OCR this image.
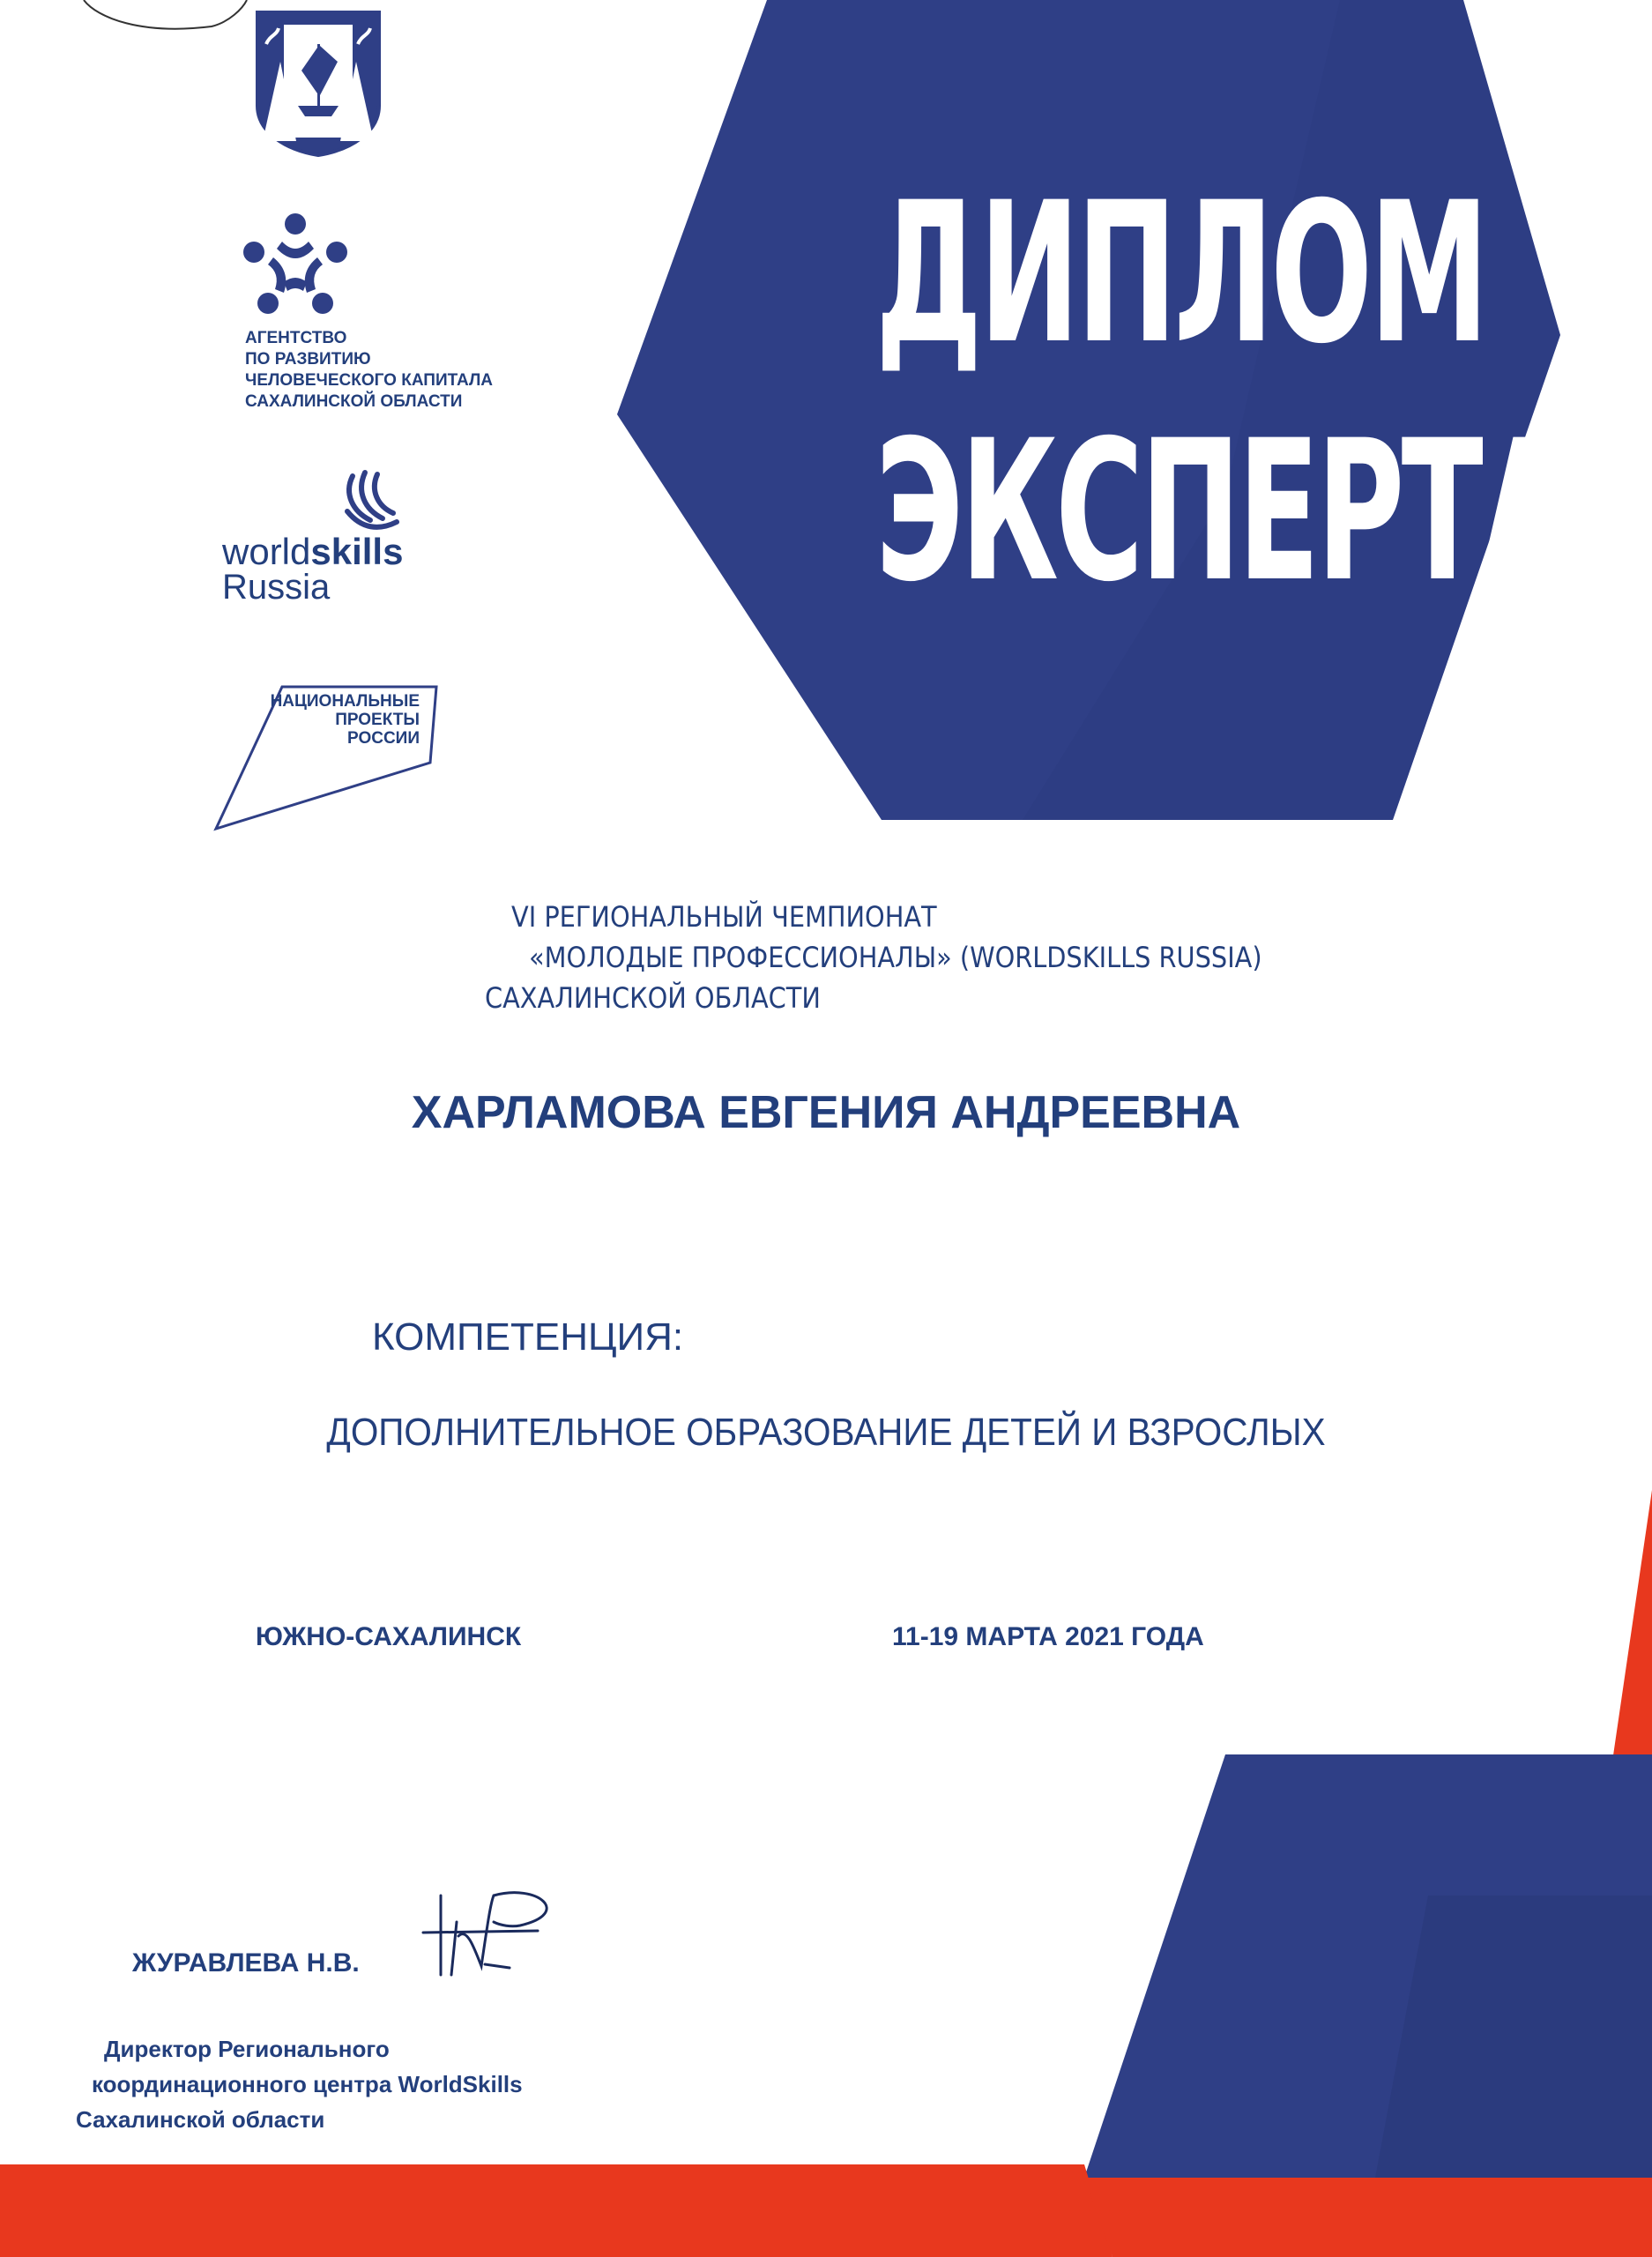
АГЕНТСТВО
ПО РАЗВИТИЮ
ЧЕЛОВЕЧЕСКОГО КАПИТАЛА
САХАЛИНСКОЙ ОБЛАСТИ
worldskills
Russia
НАЦИОНАЛЬНЫЕ
ПРОЕКТЫ
РОССИИ
ДИПЛОМ
ЭКСПЕРТА
VI РЕГИОНАЛЬНЫЙ ЧЕМПИОНАТ
«МОЛОДЫЕ ПРОФЕССИОНАЛЫ» (WORLDSKILLS RUSSIA)
САХАЛИНСКОЙ ОБЛАСТИ
ХАРЛАМОВА ЕВГЕНИЯ АНДРЕЕВНА
КОМПЕТЕНЦИЯ:
ДОПОЛНИТЕЛЬНОЕ ОБРАЗОВАНИЕ ДЕТЕЙ И ВЗРОСЛЫХ
ЮЖНО-САХАЛИНСК	11-19 МАРТА 2021 ГОДА
ЖУРАВЛЕВА Н.В.
Директор Регионального
координационного центра WorldSkills
Сахалинской области
